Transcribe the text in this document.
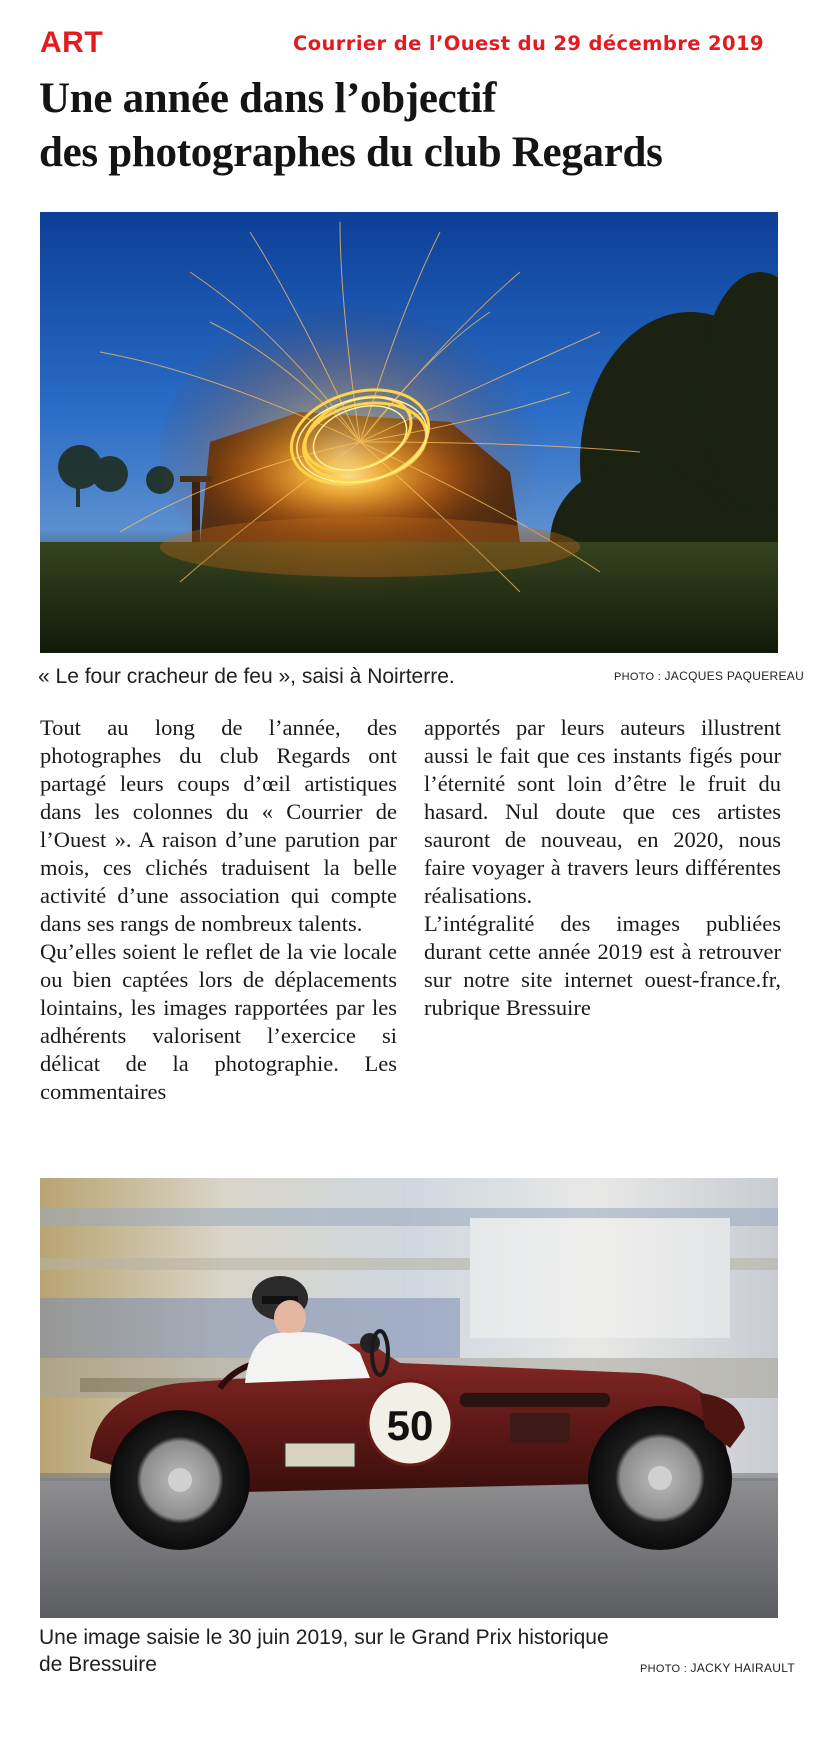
ART	Courrier de l’Ouest du 29 décembre 2019
Une année dans l’objectif
des photographes du club Regards
« Le four cracheur de feu », saisi à Noirterre.	PHOTO : JACQUES PAQUEREAU

Tout au long de l’année, des photographes du club Regards ont partagé leurs coups d’œil artistiques dans les colonnes du « Courrier de l’Ouest ». A raison d’une parution par mois, ces clichés traduisent la belle activité d’une association qui compte dans ses rangs de nombreux talents.

Qu’elles soient le reflet de la vie locale ou bien captées lors de déplacements lointains, les images rapportées par les adhérents valorisent l’exercice si délicat de la photographie. Les commentaires

apportés par leurs auteurs illustrent aussi le fait que ces instants figés pour l’éternité sont loin d’être le fruit du hasard. Nul doute que ces artistes sauront de nouveau, en 2020, nous faire voyager à travers leurs différentes réalisations.

L’intégralité des images publiées durant cette année 2019 est à retrouver sur notre site internet ouest-france.fr, rubrique Bressuire

50
Une image saisie le 30 juin 2019, sur le Grand Prix historique
de Bressuire	PHOTO : JACKY HAIRAULT
